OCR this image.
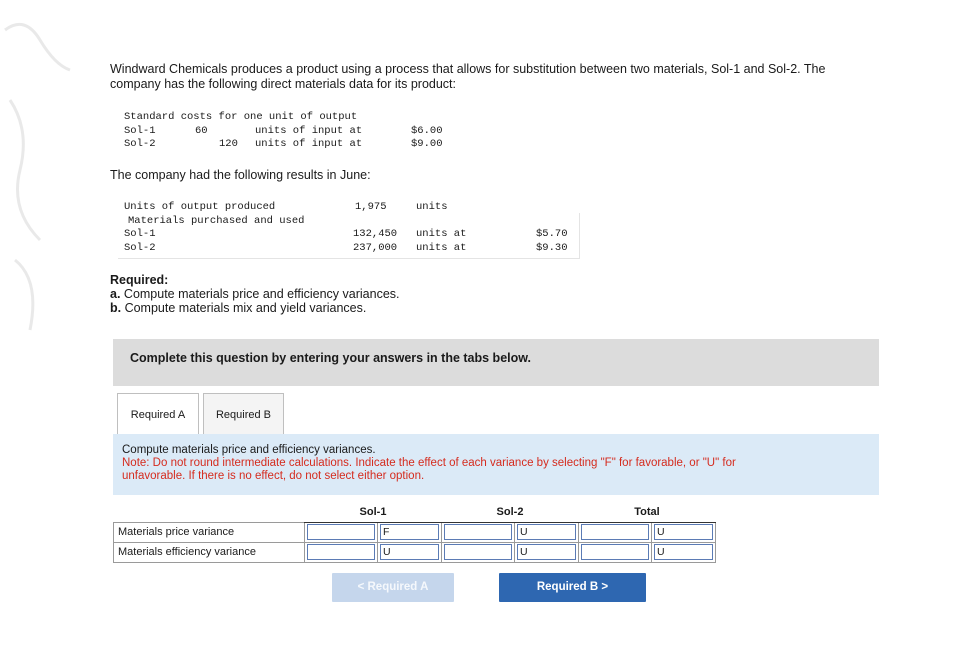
Windward Chemicals produces a product using a process that allows for substitution between two materials, Sol-1 and Sol-2. The
company has the following direct materials data for its product:
Standard costs for one unit of output
Sol-1	60	units of input at	$6.00
Sol-2	120 units of input at	$9.00
The company had the following results in June:
Units of output produced	1,975	units
Materials purchased and used
Sol-1	132,450 units at	$5.70
Sol-2	237,000 units at	$9.30
Required:
a. Compute materials price and efficiency variances.
b. Compute materials mix and yield variances.
Complete this question by entering your answers in the tabs below.
Required A	Required B
Compute materials price and efficiency variances.
Note: Do not round intermediate calculations. Indicate the effect of each variance by selecting "F" for favorable, or "U" for
unfavorable. If there is no effect, do not select either option.
	Sol-1		Sol-2		Total	
Materials price variance		F		U		U

Materials efficiency variance		U		U		U
< Required A	Required B >
